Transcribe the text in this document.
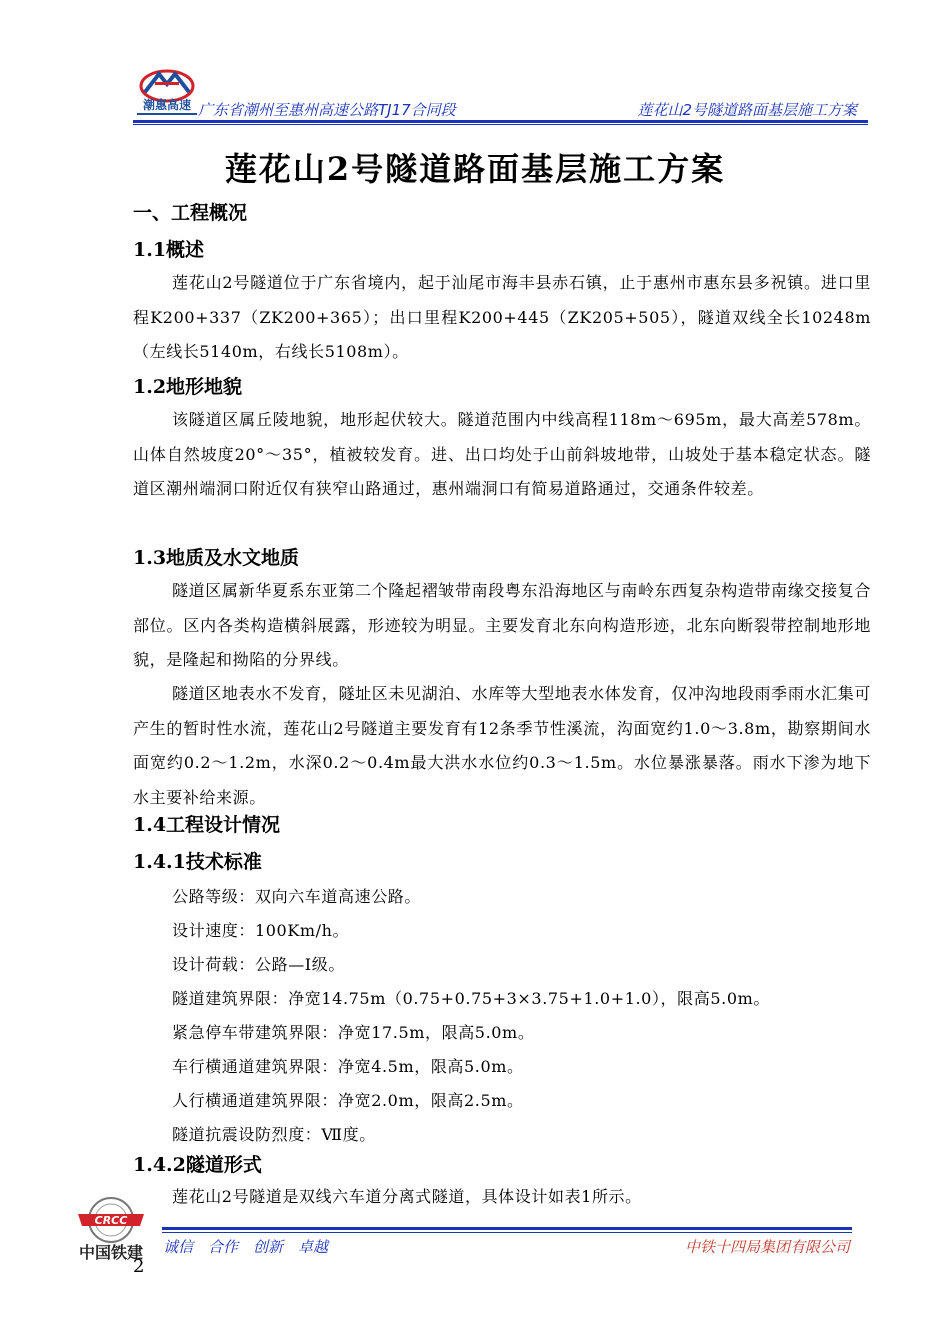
潮惠高速 广东省潮州至惠州高速公路TJ17合同段	莲花山2号隧道路面基层施工方案
莲花山2号隧道路面基层施工方案
一、工程概况
1.1概述
莲花山2号隧道位于广东省境内，起于汕尾市海丰县赤石镇，止于惠州市惠东县多祝镇。进口里程K200+337（ZK200+365）；出口里程K200+445（ZK205+505），隧道双线全长10248m（左线长5140m，右线长5108m）。
1.2地形地貌
该隧道区属丘陵地貌，地形起伏较大。隧道范围内中线高程118m～695m，最大高差578m。山体自然坡度20°～35°，植被较发育。进、出口均处于山前斜坡地带，山坡处于基本稳定状态。隧道区潮州端洞口附近仅有狭窄山路通过，惠州端洞口有简易道路通过，交通条件较差。
1.3地质及水文地质
隧道区属新华夏系东亚第二个隆起褶皱带南段粤东沿海地区与南岭东西复杂构造带南缘交接复合部位。区内各类构造横斜展露，形迹较为明显。主要发育北东向构造形迹，北东向断裂带控制地形地貌，是隆起和拗陷的分界线。
隧道区地表水不发育，隧址区未见湖泊、水库等大型地表水体发育，仅冲沟地段雨季雨水汇集可产生的暂时性水流，莲花山2号隧道主要发育有12条季节性溪流，沟面宽约1.0～3.8m，勘察期间水面宽约0.2～1.2m，水深0.2～0.4m最大洪水水位约0.3～1.5m。水位暴涨暴落。雨水下渗为地下水主要补给来源。
1.4工程设计情况
1.4.1技术标准
公路等级：双向六车道高速公路。
设计速度：100Km/h。
设计荷载：公路—Ⅰ级。
隧道建筑界限：净宽14.75m（0.75+0.75+3×3.75+1.0+1.0），限高5.0m。
紧急停车带建筑界限：净宽17.5m，限高5.0m。
车行横通道建筑界限：净宽4.5m，限高5.0m。
人行横通道建筑界限：净宽2.0m，限高2.5m。
隧道抗震设防烈度：Ⅶ度。
1.4.2隧道形式
莲花山2号隧道是双线六车道分离式隧道，具体设计如表1所示。
CRCC
中国铁建 诚信　合作　创新　卓越	中铁十四局集团有限公司
2
